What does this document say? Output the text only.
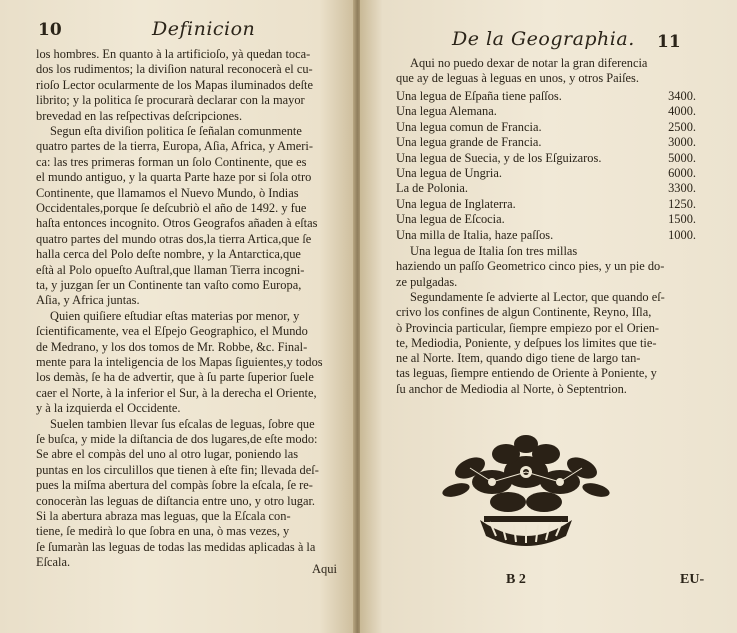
10	Definicion
los hombres. En quanto à la artificioſo, yà quedan toca-
dos los rudimentos; la diviſion natural reconocerà el cu-
rioſo Lector ocularmente de los Mapas iluminados deſte
librito; y la politica ſe procurarà declarar con la mayor
brevedad en las reſpectivas deſcripciones.
Segun eſta diviſion politica ſe ſeñalan comunmente
quatro partes de la tierra, Europa, Aſia, Africa, y Ameri-
ca: las tres primeras forman un ſolo Continente, que es
el mundo antiguo, y la quarta Parte haze por si ſola otro
Continente, que llamamos el Nuevo Mundo, ò Indias
Occidentales,porque ſe deſcubriò el año de 1492. y fue
haſta entonces incognito. Otros Geografos añaden à eſtas
quatro partes del mundo otras dos,la tierra Artica,que ſe
halla cerca del Polo deſte nombre, y la Antarctica,que
eſtà al Polo opueſto Auſtral,que llaman Tierra incogni-
ta, y juzgan ſer un Continente tan vaſto como Europa,
Aſia, y Africa juntas.
Quien quiſiere eſtudiar eſtas materias por menor, y
ſcientificamente, vea el Eſpejo Geographico, el Mundo
de Medrano, y los dos tomos de Mr. Robbe, &c. Final-
mente para la inteligencia de los Mapas ſiguientes,y todos
los demàs, ſe ha de advertir, que à ſu parte ſuperior ſuele
caer el Norte, à la inferior el Sur, à la derecha el Oriente,
y à la izquierda el Occidente.
Suelen tambien llevar ſus eſcalas de leguas, ſobre que
ſe buſca, y mide la diſtancia de dos lugares,de eſte modo:
Se abre el compàs del uno al otro lugar, poniendo las
puntas en los circulillos que tienen à eſte fin; llevada deſ-
pues la miſma abertura del compàs ſobre la eſcala, ſe re-
conoceràn las leguas de diſtancia entre uno, y otro lugar.
Si la abertura abraza mas leguas, que la Eſcala con-
tiene, ſe medirà lo que ſobra en una, ò mas vezes, y
ſe ſumaràn las leguas de todas las medidas aplicadas à la
Eſcala.	Aqui
De la Geographia. 11
Aqui no puedo dexar de notar la gran diferencia
que ay de leguas à leguas en unos, y otros Paiſes.
Una legua de Eſpaña tiene paſſos.	3400.
Una legua Alemana.	4000.
Una legua comun de Francia.	2500.
Una legua grande de Francia.	3000.
Una legua de Suecia, y de los Eſguizaros.	5000.
Una legua de Ungria.	6000.
La de Polonia.	3300.
Una legua de Inglaterra.	1250.
Una legua de Eſcocia.	1500.
Una milla de Italia, haze paſſos.	1000.
Una legua de Italia ſon tres millas
haziendo un paſſo Geometrico cinco pies, y un pie do-
ze pulgadas.
Segundamente ſe advierte al Lector, que quando eſ-
crivo los confines de algun Continente, Reyno, Iſla,
ò Provincia particular, ſiempre empiezo por el Orien-
te, Mediodia, Poniente, y deſpues los limites que tie-
ne al Norte. Item, quando digo tiene de largo tan-
tas leguas, ſiempre entiendo de Oriente à Poniente, y
ſu anchor de Mediodia al Norte, ò Septentrion.
B 2	EU-
